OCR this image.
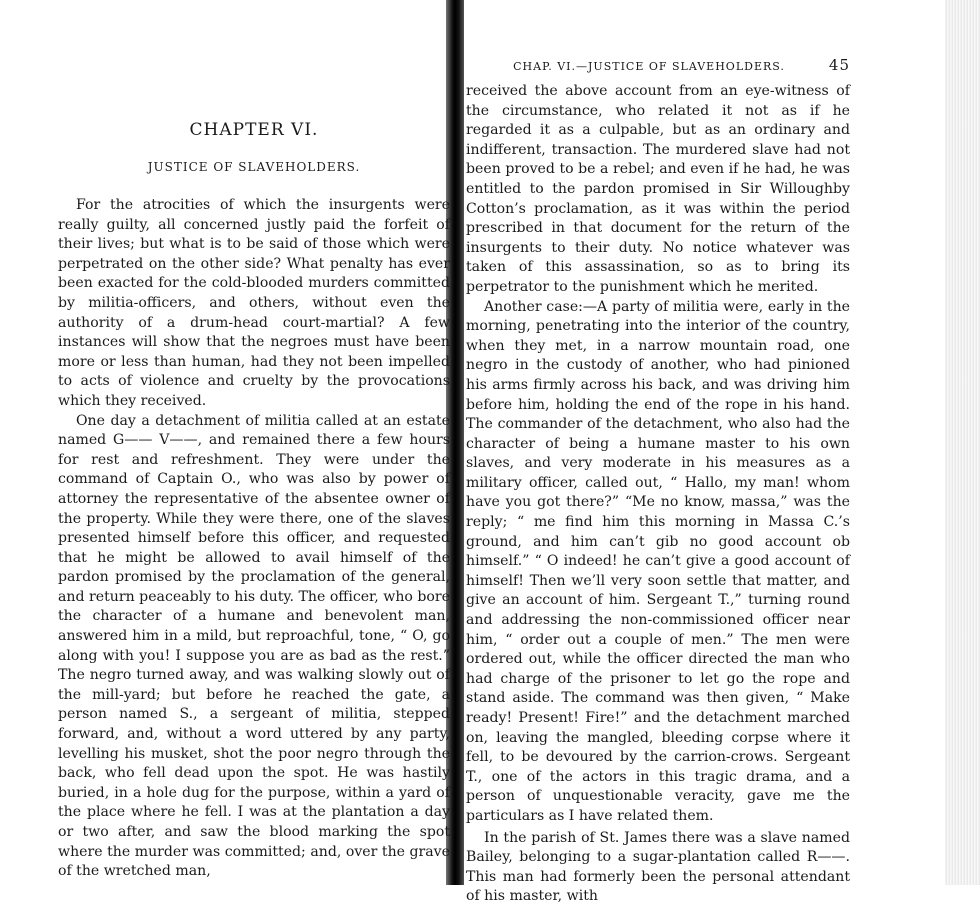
CHAPTER VI.
JUSTICE OF SLAVEHOLDERS.

For the atrocities of which the insurgents were really guilty, all concerned justly paid the forfeit of their lives; but what is to be said of those which were perpetrated on the other side? What penalty has ever been exacted for the cold-blooded murders committed by militia-officers, and others, without even the authority of a drum-head court-martial? A few instances will show that the negroes must have been more or less than human, had they not been impelled to acts of violence and cruelty by the provocations which they received.

One day a detachment of militia called at an estate named G—— V——, and remained there a few hours for rest and refreshment. They were under the command of Captain O., who was also by power of attorney the representative of the absentee owner of the property. While they were there, one of the slaves presented himself before this officer, and requested that he might be allowed to avail himself of the pardon promised by the proclamation of the general, and return peaceably to his duty. The officer, who bore the character of a humane and benevolent man, answered him in a mild, but reproachful, tone, “ O, go along with you! I suppose you are as bad as the rest.” The negro turned away, and was walking slowly out of the mill-yard; but before he reached the gate, a person named S., a sergeant of militia, stepped forward, and, without a word uttered by any party, levelling his musket, shot the poor negro through the back, who fell dead upon the spot. He was hastily buried, in a hole dug for the purpose, within a yard of the place where he fell. I was at the plantation a day or two after, and saw the blood marking the spot where the murder was committed; and, over the grave of the wretched man,

CHAP. VI.—JUSTICE OF SLAVEHOLDERS.	45

received the above account from an eye-witness of the circumstance, who related it not as if he regarded it as a culpable, but as an ordinary and indifferent, transaction. The murdered slave had not been proved to be a rebel; and even if he had, he was entitled to the pardon promised in Sir Willoughby Cotton’s proclamation, as it was within the period prescribed in that document for the return of the insurgents to their duty. No notice whatever was taken of this assassination, so as to bring its perpetrator to the punishment which he merited.

Another case:—A party of militia were, early in the morning, penetrating into the interior of the country, when they met, in a narrow mountain road, one negro in the custody of another, who had pinioned his arms firmly across his back, and was driving him before him, holding the end of the rope in his hand. The commander of the detachment, who also had the character of being a humane master to his own slaves, and very moderate in his measures as a military officer, called out, “ Hallo, my man! whom have you got there?” “Me no know, massa,” was the reply; “ me find him this morning in Massa C.’s ground, and him can’t gib no good account ob himself.” “ O indeed! he can’t give a good account of himself! Then we’ll very soon settle that matter, and give an account of him. Sergeant T.,” turning round and addressing the non-commissioned officer near him, “ order out a couple of men.” The men were ordered out, while the officer directed the man who had charge of the prisoner to let go the rope and stand aside. The command was then given, “ Make ready! Present! Fire!” and the detachment marched on, leaving the mangled, bleeding corpse where it fell, to be devoured by the carrion-crows. Sergeant T., one of the actors in this tragic drama, and a person of unquestionable veracity, gave me the particulars as I have related them.

In the parish of St. James there was a slave named Bailey, belonging to a sugar-plantation called R——. This man had formerly been the personal attendant of his master, with
